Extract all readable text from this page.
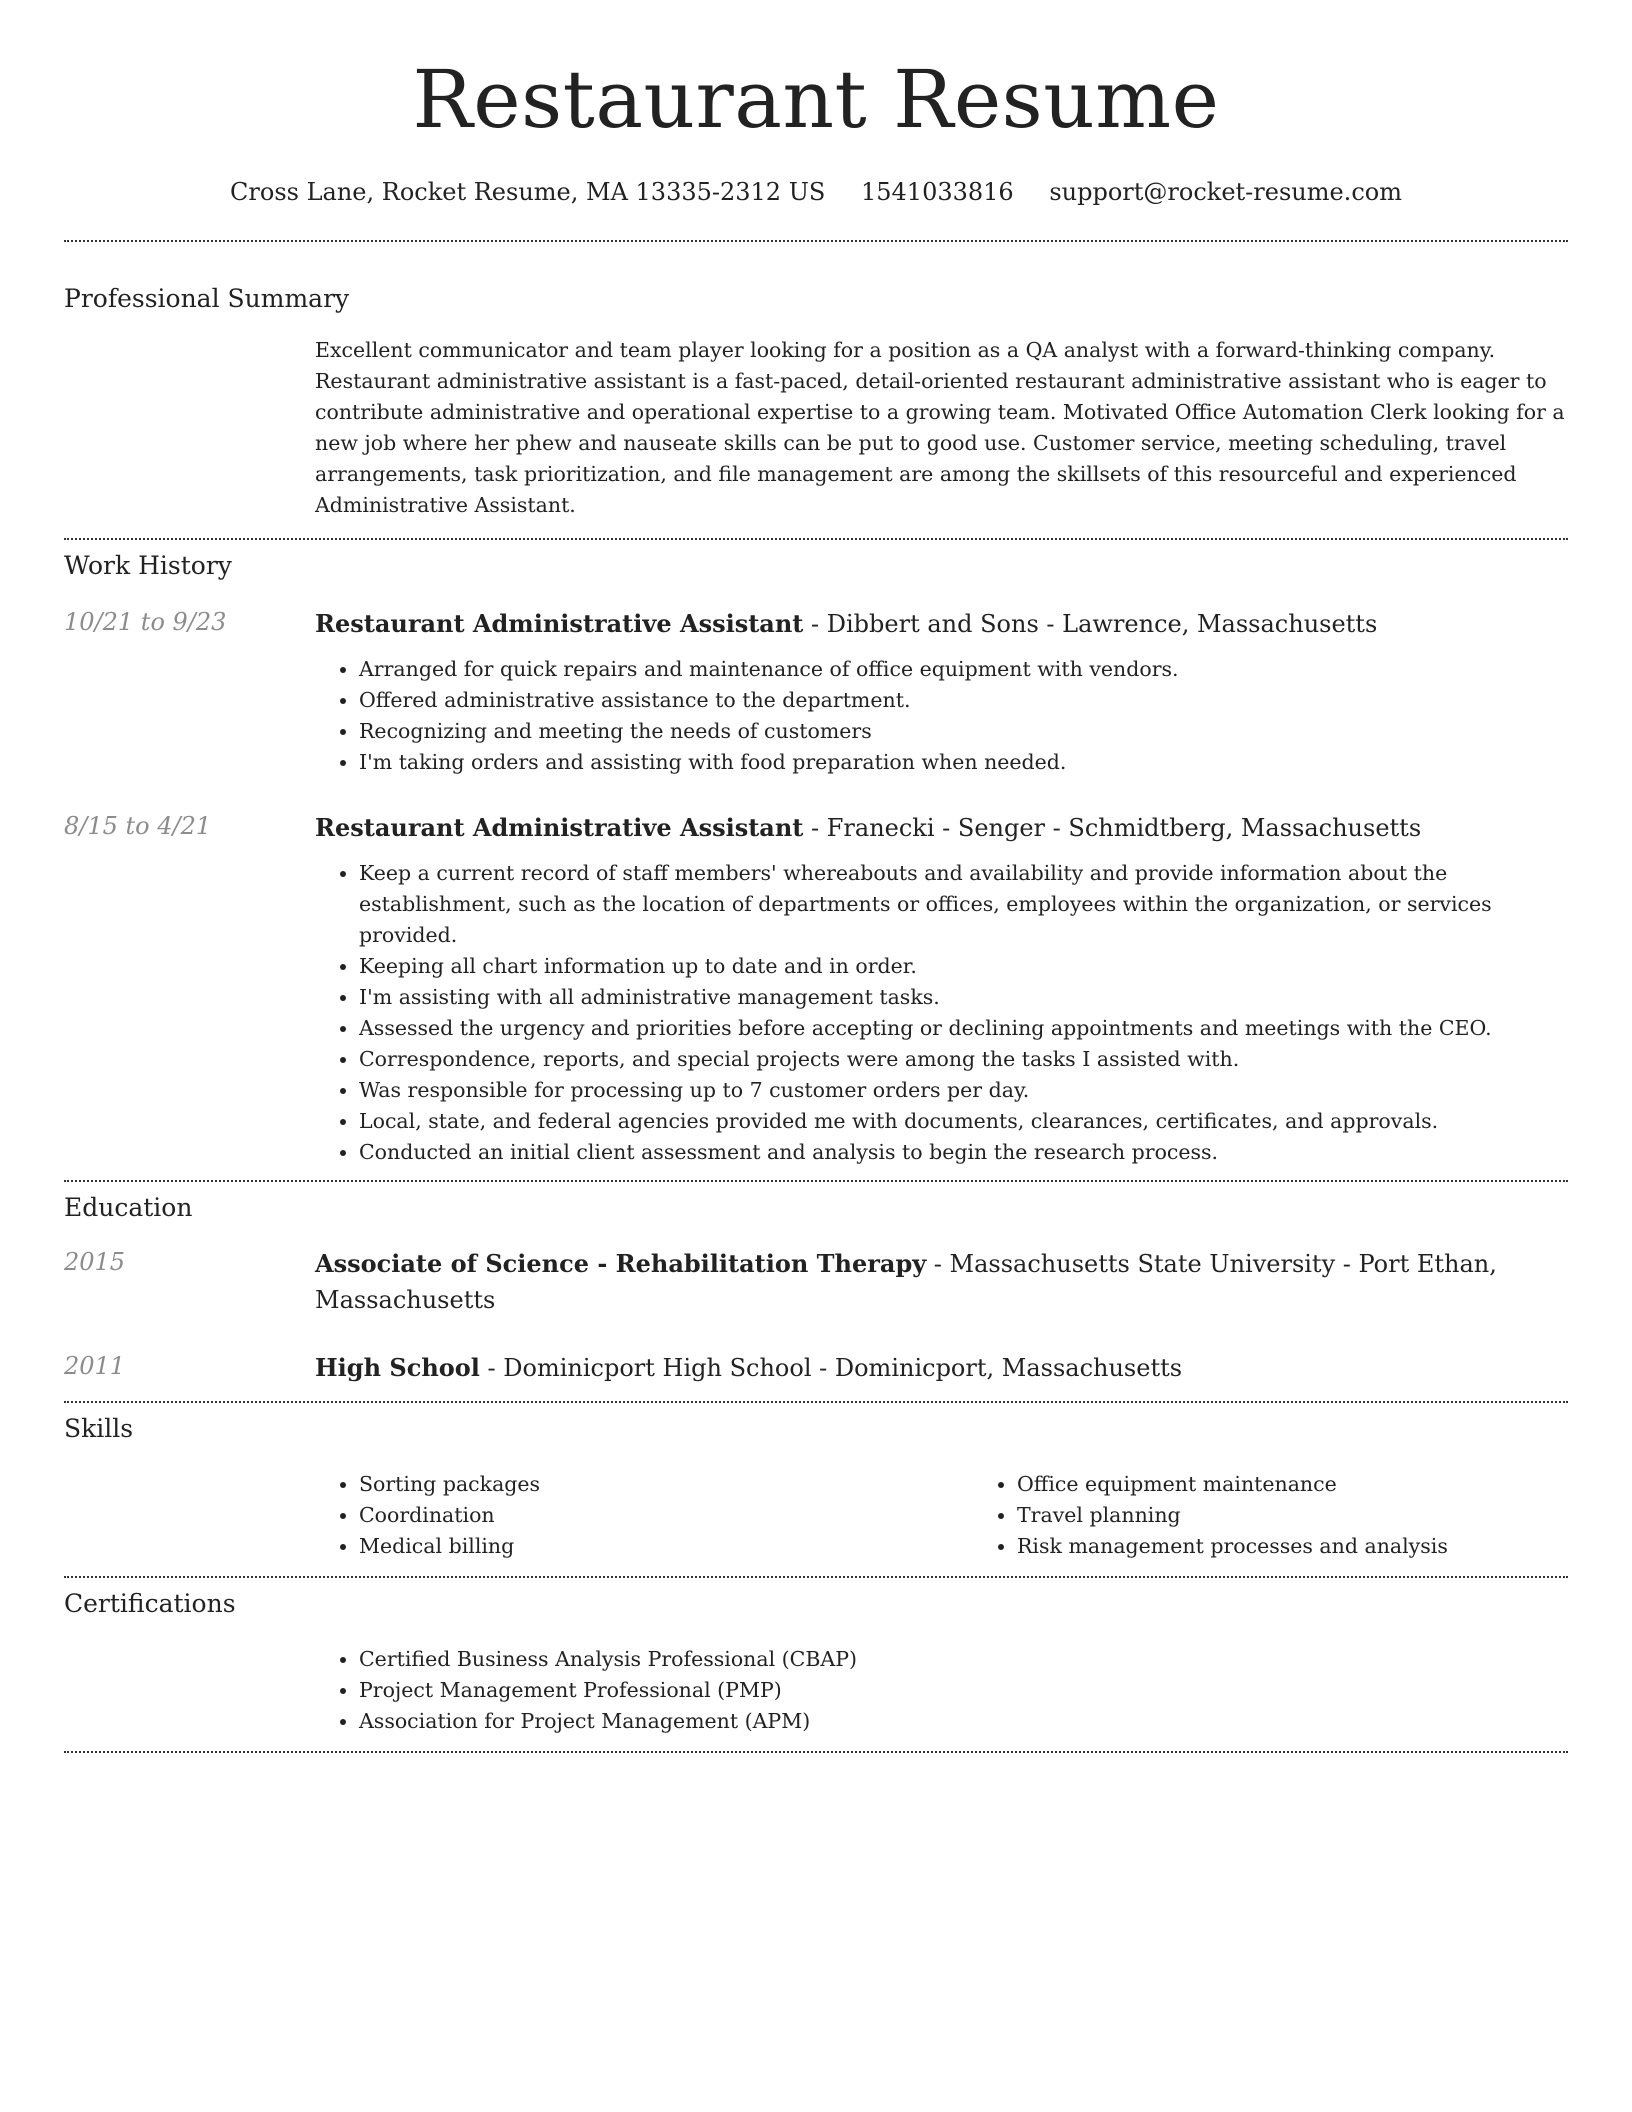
Restaurant Resume
Cross Lane, Rocket Resume, MA 13335-2312 US 1541033816 support@rocket-resume.com
Professional Summary
Excellent communicator and team player looking for a position as a QA analyst with a forward-thinking company. Restaurant administrative assistant is a fast-paced, detail-oriented restaurant administrative assistant who is eager to contribute administrative and operational expertise to a growing team. Motivated Office Automation Clerk looking for a new job where her phew and nauseate skills can be put to good use. Customer service, meeting scheduling, travel arrangements, task prioritization, and file management are among the skillsets of this resourceful and experienced Administrative Assistant.
Work History
10/21 to 9/23	Restaurant Administrative Assistant - Dibbert and Sons - Lawrence, Massachusetts
• Arranged for quick repairs and maintenance of office equipment with vendors.
• Offered administrative assistance to the department.
• Recognizing and meeting the needs of customers
• I'm taking orders and assisting with food preparation when needed.
8/15 to 4/21	Restaurant Administrative Assistant - Franecki - Senger - Schmidtberg, Massachusetts
• Keep a current record of staff members' whereabouts and availability and provide information about the establishment, such as the location of departments or offices, employees within the organization, or services provided.
• Keeping all chart information up to date and in order.
• I'm assisting with all administrative management tasks.
• Assessed the urgency and priorities before accepting or declining appointments and meetings with the CEO.
• Correspondence, reports, and special projects were among the tasks I assisted with.
• Was responsible for processing up to 7 customer orders per day.
• Local, state, and federal agencies provided me with documents, clearances, certificates, and approvals.
• Conducted an initial client assessment and analysis to begin the research process.
Education
2015	Associate of Science - Rehabilitation Therapy - Massachusetts State University - Port Ethan, Massachusetts
2011	High School - Dominicport High School - Dominicport, Massachusetts
Skills
• Sorting packages
• Coordination
• Medical billing
• Office equipment maintenance
• Travel planning
• Risk management processes and analysis
Certifications
• Certified Business Analysis Professional (CBAP)
• Project Management Professional (PMP)
• Association for Project Management (APM)
